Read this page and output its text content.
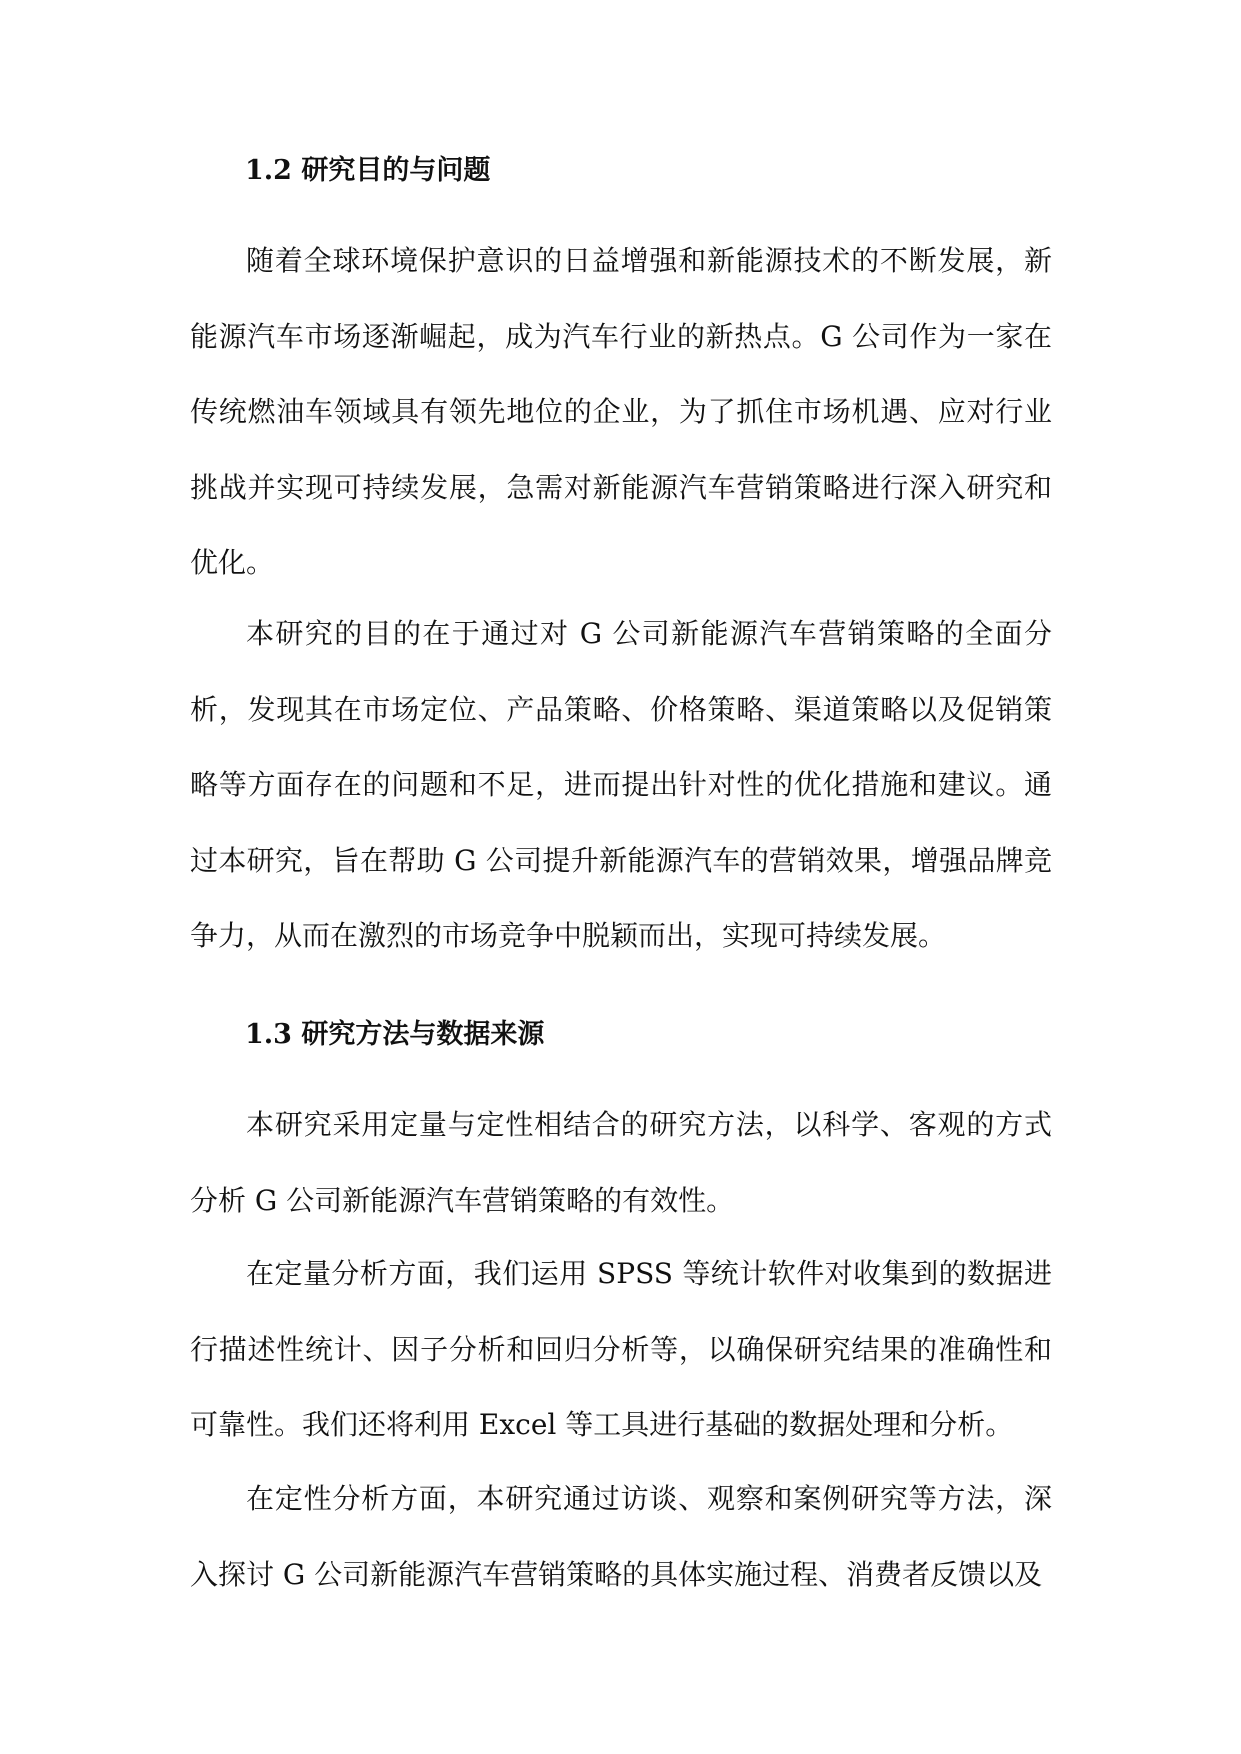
1.2 研究目的与问题

随着全球环境保护意识的日益增强和新能源技术的不断发展，新能源汽车市场逐渐崛起，成为汽车行业的新热点。G 公司作为一家在传统燃油车领域具有领先地位的企业，为了抓住市场机遇、应对行业挑战并实现可持续发展，急需对新能源汽车营销策略进行深入研究和优化。

本研究的目的在于通过对 G 公司新能源汽车营销策略的全面分析，发现其在市场定位、产品策略、价格策略、渠道策略以及促销策略等方面存在的问题和不足，进而提出针对性的优化措施和建议。通过本研究，旨在帮助 G 公司提升新能源汽车的营销效果，增强品牌竞争力，从而在激烈的市场竞争中脱颖而出，实现可持续发展。

1.3 研究方法与数据来源

本研究采用定量与定性相结合的研究方法，以科学、客观的方式分析 G 公司新能源汽车营销策略的有效性。

在定量分析方面，我们运用 SPSS 等统计软件对收集到的数据进行描述性统计、因子分析和回归分析等，以确保研究结果的准确性和可靠性。我们还将利用 Excel 等工具进行基础的数据处理和分析。

在定性分析方面，本研究通过访谈、观察和案例研究等方法，深入探讨 G 公司新能源汽车营销策略的具体实施过程、消费者反馈以及
